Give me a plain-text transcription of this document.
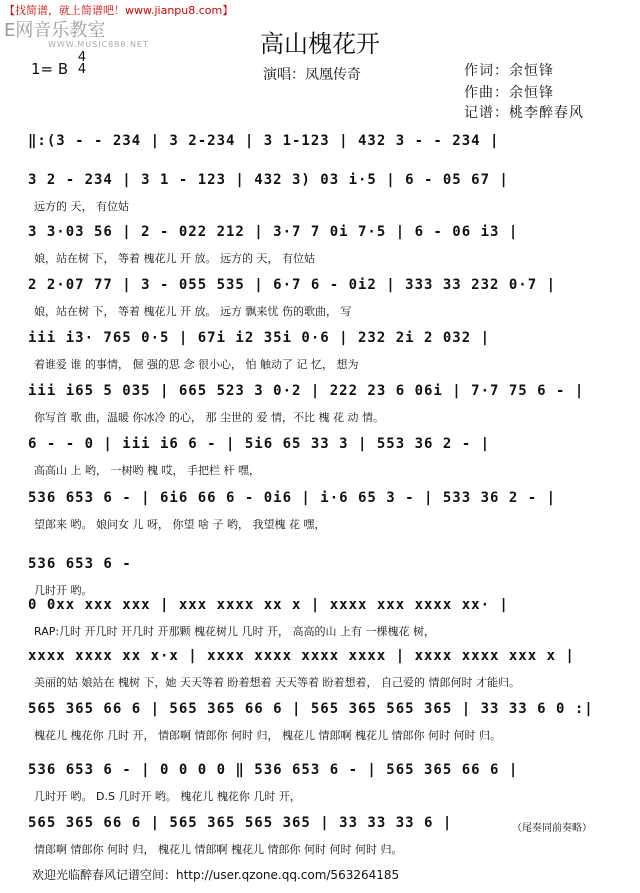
【找简谱，就上简谱吧！www.jianpu8.com】
E网音乐教室
WWW.MUSIC888.NET	高山槐花开
1= B
4
4	演唱：凤凰传奇	作词：余恒锋
作曲：余恒锋
记谱：桃李醉春风
‖:(3 - - 234 | 3 2-234 | 3 1-123 | 432 3 - - 234 |
3 2 - 234 | 3 1 - 123 | 432 3) 03 i·5 | 6 - 05 67 |
远方的 天， 有位姑
3 3·03 56 | 2 - 022 212 | 3·7 7 0i 7·5 | 6 - 06 i3 |
娘，站在树 下， 等着 槐花儿 开 放。 远方的 天， 有位姑
2 2·07 77 | 3 - 055 535 | 6·7 6 - 0i2 | 333 33 232 0·7 |
娘，站在树 下， 等着 槐花儿 开 放。 远方 飘来忧 伤的歌曲， 写
iii i3· 765 0·5 | 67i i2 35i 0·6 | 232 2i 2 032 |
着谁爱 谁 的事情， 倔 强的思 念 很小心， 怕 触动了 记 忆， 想为
iii i65 5 035 | 665 523 3 0·2 | 222 23 6 06i | 7·7 75 6 - |
你写首 歌 曲，温暖 你冰冷 的心， 那 尘世的 爱 情，不比 槐 花 动 情。
6 - - 0 | iii i6 6 - | 5i6 65 33 3 | 553 36 2 - |
高高山 上 哟， 一树哟 槐 哎， 手把栏 杆 嘿，
536 653 6 - | 6i6 66 6 - 0i6 | i·6 65 3 - | 533 36 2 - |
望郎来 哟。 娘问女 儿 呀， 你望 啥 子 哟， 我望槐 花 嘿，
536 653 6 -
几时开 哟。
0 0xx xxx xxx | xxx xxxx xx x | xxxx xxx xxxx xx· |
RAP:几时 开几时 开几时 开那颗 槐花树儿 几时 开， 高高的山 上有 一棵槐花 树，
xxxx xxxx xx x·x | xxxx xxxx xxxx xxxx | xxxx xxxx xxx x |
美丽的姑 娘站在 槐树 下，她 天天等着 盼着想着 天天等着 盼着想着， 自己爱的 情郎何时 才能归。
565 365 66 6 | 565 365 66 6 | 565 365 565 365 | 33 33 6 0 :|
槐花儿 槐花你 几时 开， 情郎啊 情郎你 何时 归， 槐花儿 情郎啊 槐花儿 情郎你 何时 何时 归。
536 653 6 - | 0 0 0 0 ‖ 536 653 6 - | 565 365 66 6 |
几时开 哟。 D.S 几时开 哟。 槐花儿 槐花你 几时 开，
565 365 66 6 | 565 365 565 365 | 33 33 33 6 |
情郎啊 情郎你 何时 归， 槐花儿 情郎啊 槐花儿 情郎你 何时 何时 何时 归。
（尾奏同前奏略）
欢迎光临醉春风记谱空间：http://user.qzone.qq.com/563264185
